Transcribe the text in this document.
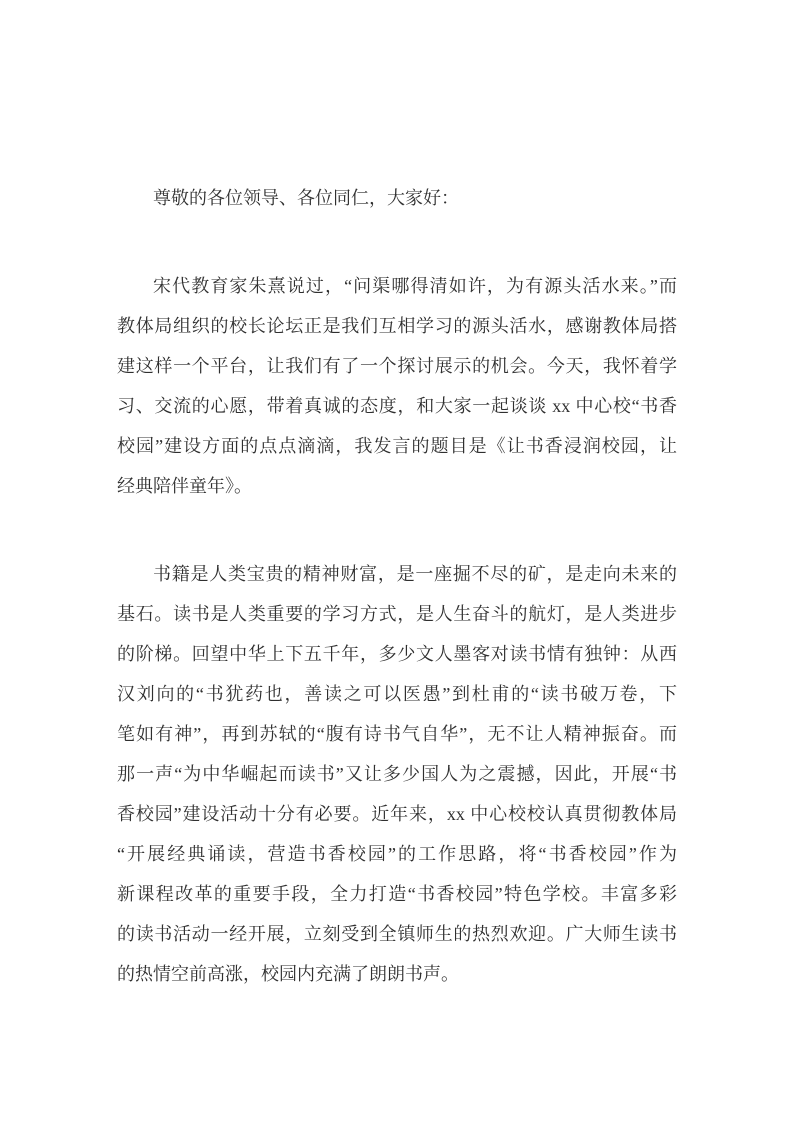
尊敬的各位领导、各位同仁，大家好：
宋代教育家朱熹说过，“问渠哪得清如许，为有源头活水来。”而
教体局组织的校长论坛正是我们互相学习的源头活水，感谢教体局搭
建这样一个平台，让我们有了一个探讨展示的机会。今天，我怀着学
习、交流的心愿，带着真诚的态度，和大家一起谈谈 xx 中心校“书香
校园”建设方面的点点滴滴，我发言的题目是《让书香浸润校园，让
经典陪伴童年》。
书籍是人类宝贵的精神财富，是一座掘不尽的矿，是走向未来的
基石。读书是人类重要的学习方式，是人生奋斗的航灯，是人类进步
的阶梯。回望中华上下五千年，多少文人墨客对读书情有独钟：从西
汉刘向的“书犹药也，善读之可以医愚”到杜甫的“读书破万卷，下
笔如有神”，再到苏轼的“腹有诗书气自华”，无不让人精神振奋。而
那一声“为中华崛起而读书”又让多少国人为之震撼，因此，开展“书
香校园”建设活动十分有必要。近年来，xx 中心校校认真贯彻教体局
“开展经典诵读，营造书香校园”的工作思路，将“书香校园”作为
新课程改革的重要手段，全力打造“书香校园”特色学校。丰富多彩
的读书活动一经开展，立刻受到全镇师生的热烈欢迎。广大师生读书
的热情空前高涨，校园内充满了朗朗书声。
